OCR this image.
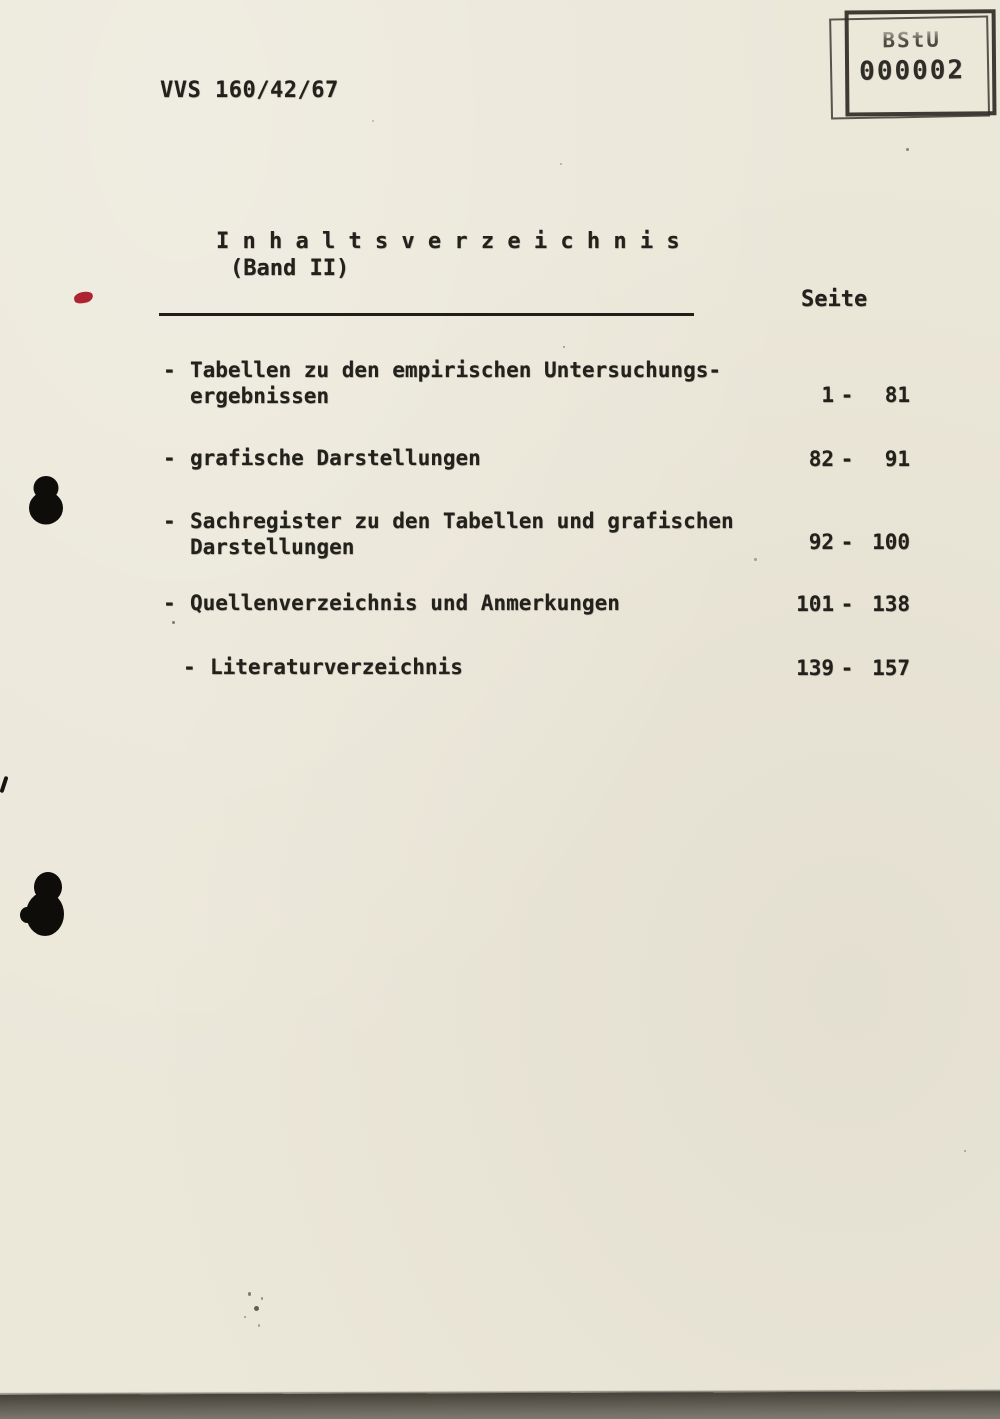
VVS 160/42/67
BStU
000002

I n h a l t s v e r z e i c h n i s
(Band II)

Seite
- Tabellen zu den empirischen Untersuchungs-
ergebnissen	1 -	81
- grafische Darstellungen	82 -	91
- Sachregister zu den Tabellen und grafischen
Darstellungen	92 - 100
- Quellenverzeichnis und Anmerkungen	101 - 138
- Literaturverzeichnis	139 - 157
